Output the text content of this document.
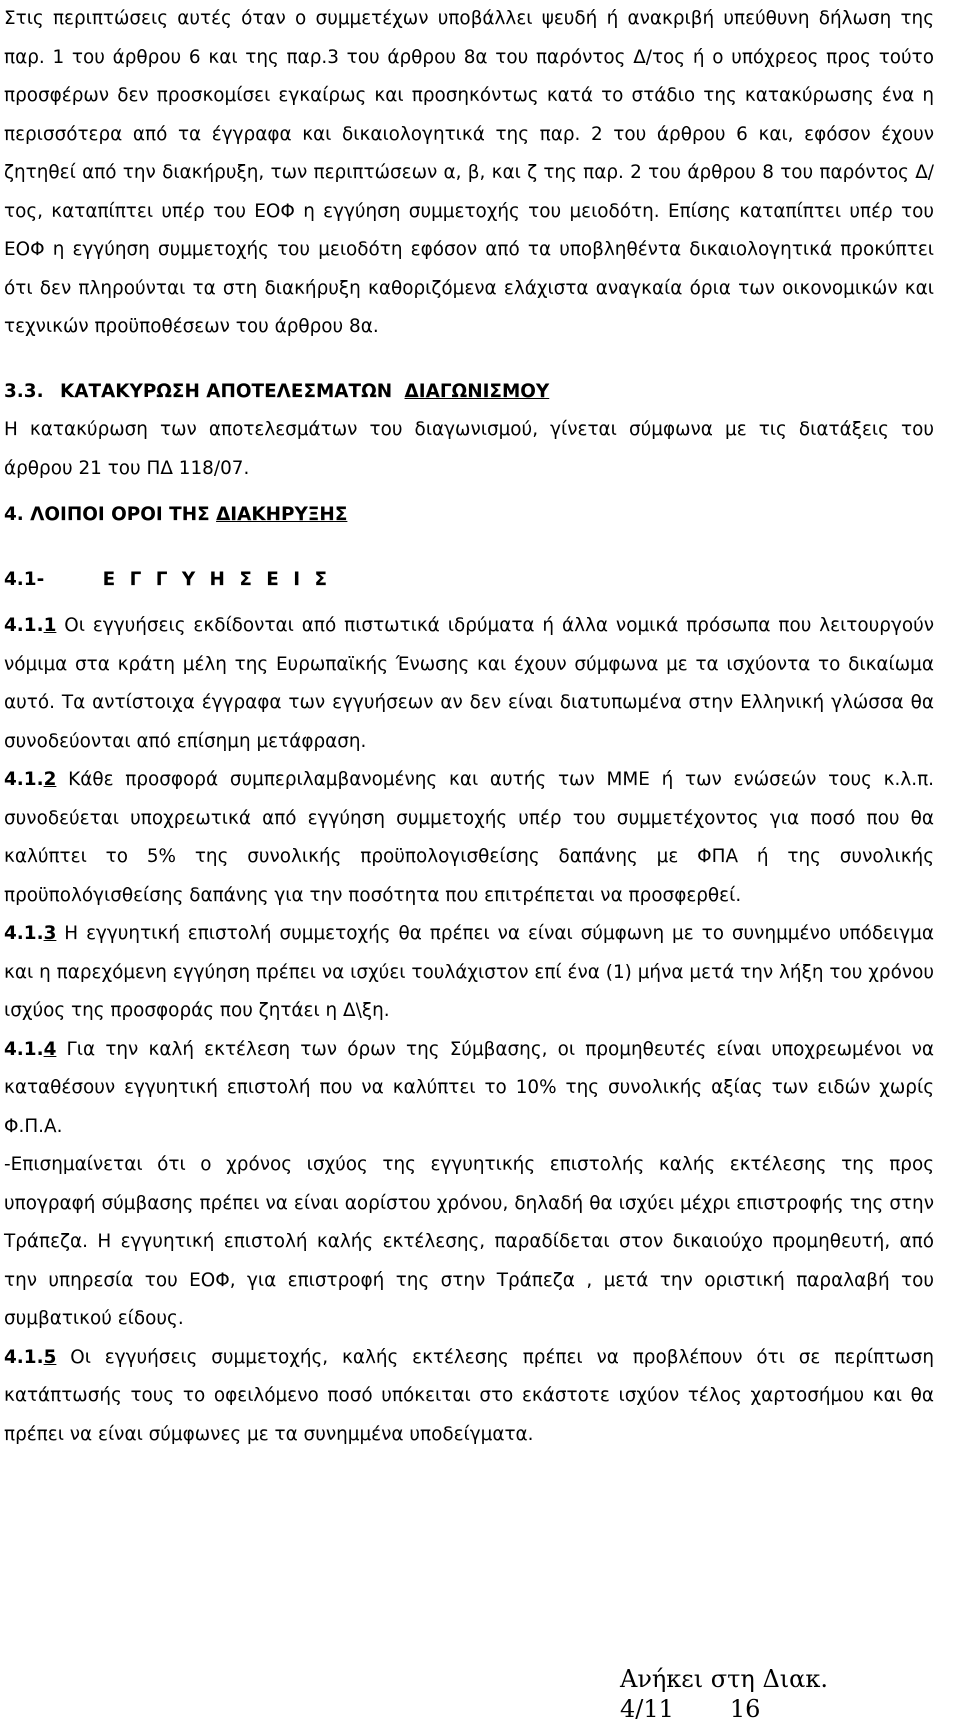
Στις περιπτώσεις αυτές όταν ο συμμετέχων υποβάλλει ψευδή ή ανακριβή υπεύθυνη δήλωση της παρ. 1 του άρθρου 6 και της παρ.3 του άρθρου 8α του παρόντος Δ/τος ή ο υπόχρεος προς τούτο προσφέρων δεν προσκομίσει εγκαίρως και προσηκόντως κατά το στάδιο της κατακύρωσης ένα η περισσότερα από τα έγγραφα και δικαιολογητικά της παρ. 2 του άρθρου 6 και, εφόσον έχουν ζητηθεί από την διακήρυξη, των περιπτώσεων α, β, και ζ της παρ. 2 του άρθρου 8 του παρόντος Δ/τος, καταπίπτει υπέρ του ΕΟΦ η εγγύηση συμμετοχής του μειοδότη. Επίσης καταπίπτει υπέρ του ΕΟΦ η εγγύηση συμμετοχής του μειοδότη εφόσον από τα υποβληθέντα δικαιολογητικά προκύπτει ότι δεν πληρούνται τα στη διακήρυξη καθοριζόμενα ελάχιστα αναγκαία όρια των οικονομικών και τεχνικών προϋποθέσεων του άρθρου 8α.

3.3. ΚΑΤΑΚΥΡΩΣΗ ΑΠΟΤΕΛΕΣΜΑΤΩΝ ΔΙΑΓΩΝΙΣΜΟΥ

Η κατακύρωση των αποτελεσμάτων του διαγωνισμού, γίνεται σύμφωνα με τις διατάξεις του άρθρου 21 του ΠΔ 118/07.

4. ΛΟΙΠΟΙ ΟΡΟΙ ΤΗΣ ΔΙΑΚΗΡΥΞΗΣ

4.1-	Ε Γ Γ Υ Η Σ Ε Ι Σ

4.1.1 Οι εγγυήσεις εκδίδονται από πιστωτικά ιδρύματα ή άλλα νομικά πρόσωπα που λειτουργούν νόμιμα στα κράτη μέλη της Ευρωπαϊκής Ένωσης και έχουν σύμφωνα με τα ισχύοντα το δικαίωμα αυτό. Τα αντίστοιχα έγγραφα των εγγυήσεων αν δεν είναι διατυπωμένα στην Ελληνική γλώσσα θα συνοδεύονται από επίσημη μετάφραση.

4.1.2 Κάθε προσφορά συμπεριλαμβανομένης και αυτής των ΜΜΕ ή των ενώσεών τους κ.λ.π. συνοδεύεται υποχρεωτικά από εγγύηση συμμετοχής υπέρ του συμμετέχοντος για ποσό που θα καλύπτει το 5% της συνολικής προϋπολογισθείσης δαπάνης με ΦΠΑ ή της συνολικής προϋπολόγισθείσης δαπάνης για την ποσότητα που επιτρέπεται να προσφερθεί.

4.1.3 Η εγγυητική επιστολή συμμετοχής θα πρέπει να είναι σύμφωνη με το συνημμένο υπόδειγμα και η παρεχόμενη εγγύηση πρέπει να ισχύει τουλάχιστον επί ένα (1) μήνα μετά την λήξη του χρόνου ισχύος της προσφοράς που ζητάει η Δ\ξη.

4.1.4 Για την καλή εκτέλεση των όρων της Σύμβασης, οι προμηθευτές είναι υποχρεωμένοι να καταθέσουν εγγυητική επιστολή που να καλύπτει το 10% της συνολικής αξίας των ειδών χωρίς Φ.Π.Α.

-Επισημαίνεται ότι ο χρόνος ισχύος της εγγυητικής επιστολής καλής εκτέλεσης της προς υπογραφή σύμβασης πρέπει να είναι αορίστου χρόνου, δηλαδή θα ισχύει μέχρι επιστροφής της στην Τράπεζα. Η εγγυητική επιστολή καλής εκτέλεσης, παραδίδεται στον δικαιούχο προμηθευτή, από την υπηρεσία του ΕΟΦ, για επιστροφή της στην Τράπεζα , μετά την οριστική παραλαβή του συμβατικού είδους.

4.1.5 Οι εγγυήσεις συμμετοχής, καλής εκτέλεσης πρέπει να προβλέπουν ότι σε περίπτωση κατάπτωσής τους το οφειλόμενο ποσό υπόκειται στο εκάστοτε ισχύον τέλος χαρτοσήμου και θα πρέπει να είναι σύμφωνες με τα συνημμένα υποδείγματα.

Ανήκει στη Διακ. 4/11 16
